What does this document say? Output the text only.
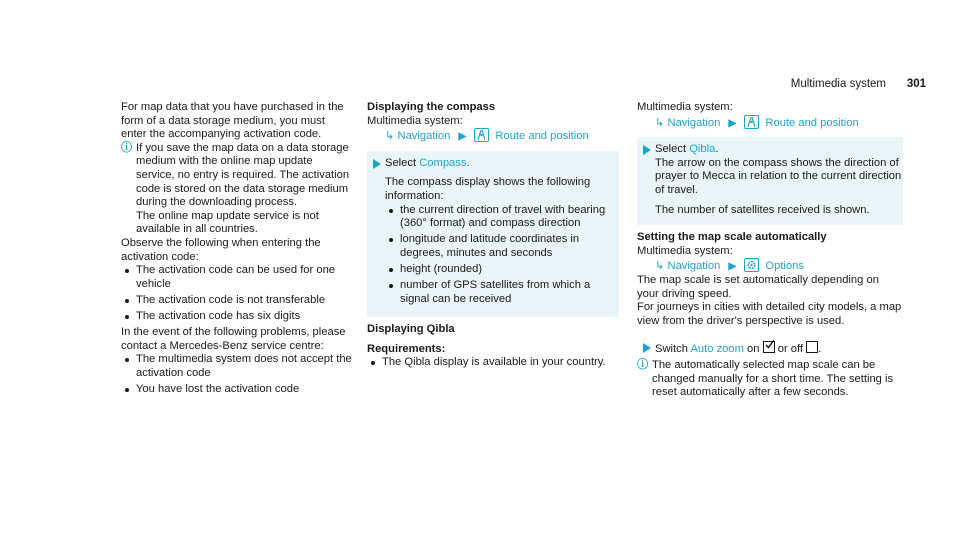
Multimedia system 301

For map data that you have purchased in the form of a data storage medium, you must enter the accompanying activation code.

ⓘ If you save the map data on a data storage medium with the online map update service, no entry is required. The activation code is stored on the data storage medium during the downloading process.

The online map update service is not available in all countries.

Observe the following when entering the activation code:

The activation code can be used for one vehicle
The activation code is not transferable
The activation code has six digits

In the event of the following problems, please contact a Mercedes-Benz service centre:

The multimedia system does not accept the activation code
You have lost the activation code

Displaying the compass

Multimedia system:

↳ Navigation ▶	Route and position

Select Compass.

The compass display shows the following information:

the current direction of travel with bearing (360° format) and compass direction
longitude and latitude coordinates in degrees, minutes and seconds
height (rounded)
number of GPS satellites from which a signal can be received

Displaying Qibla

Requirements:

The Qibla display is available in your country.

Multimedia system:

↳ Navigation ▶	Route and position

Select Qibla.

The arrow on the compass shows the direction of prayer to Mecca in relation to the current direction of travel.

The number of satellites received is shown.

Setting the map scale automatically

Multimedia system:

↳ Navigation ▶	Options

The map scale is set automatically depending on your driving speed.

For journeys in cities with detailed city models, a map view from the driver's perspective is used.

Switch Auto zoom on or off .

ⓘ The automatically selected map scale can be changed manually for a short time. The setting is reset automatically after a few seconds.
